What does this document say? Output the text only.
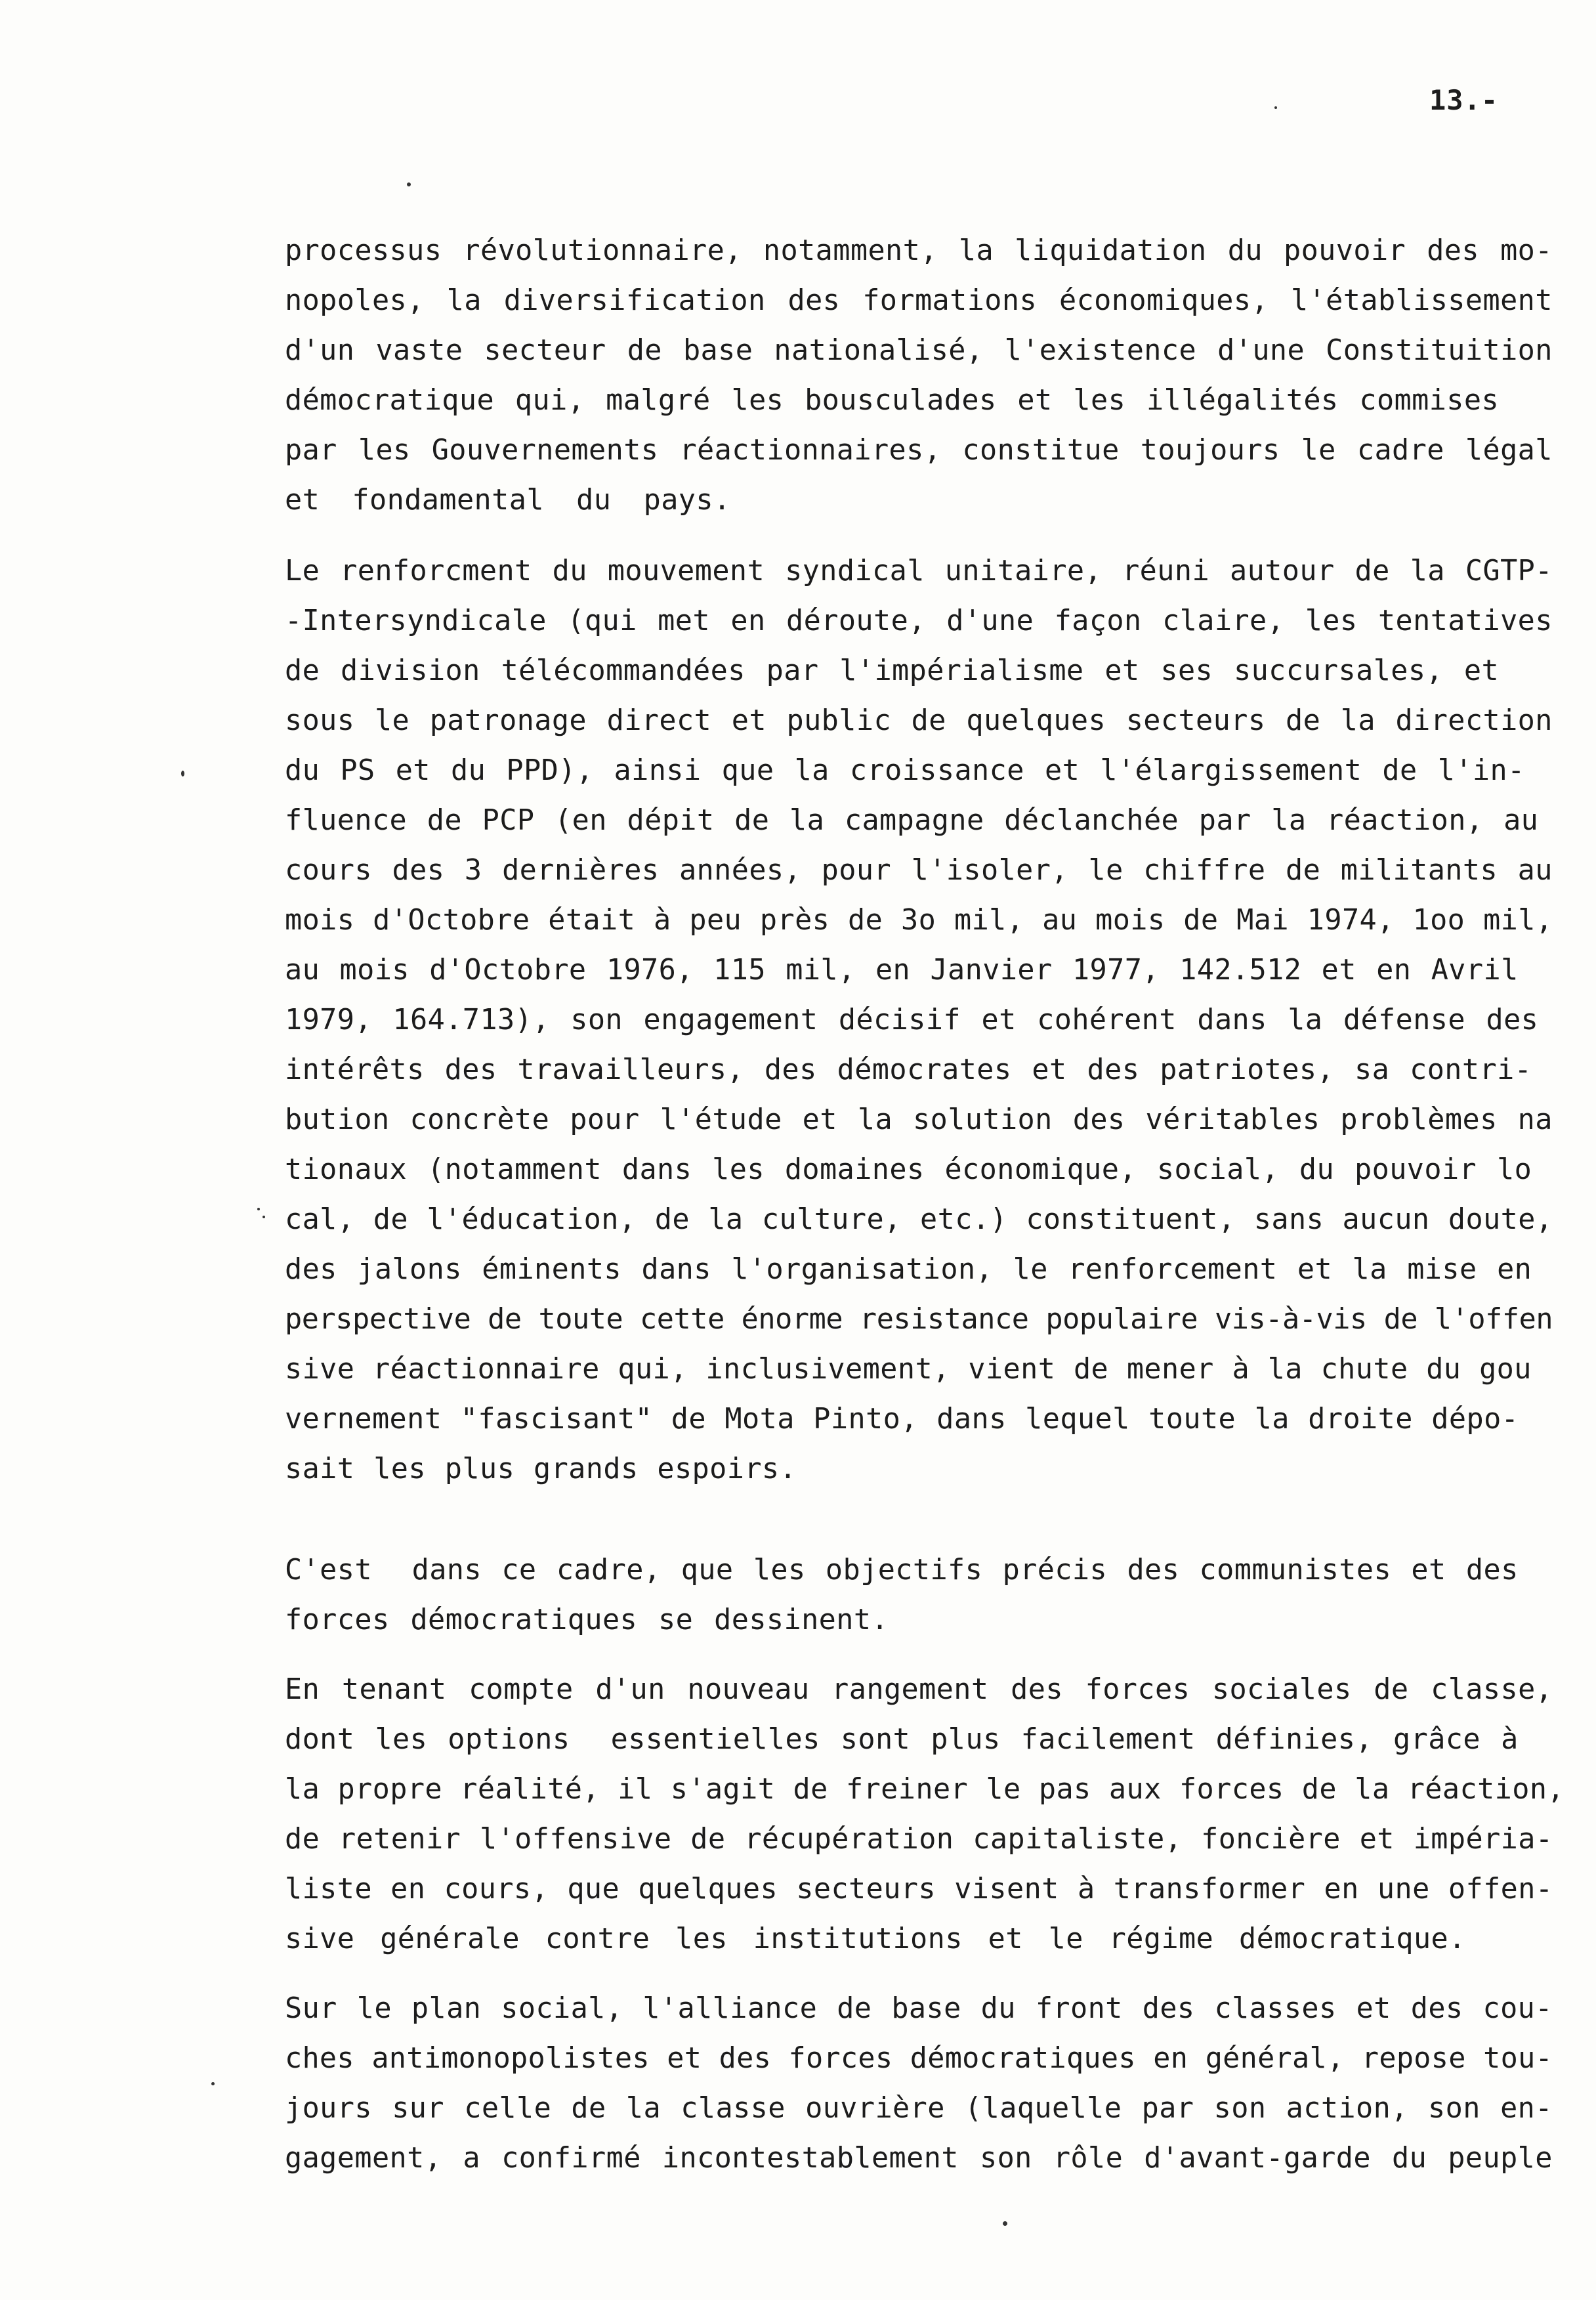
13.-
processus révolutionnaire, notamment, la liquidation du pouvoir des mo-
nopoles, la diversification des formations économiques, l'établissement
d'un vaste secteur de base nationalisé, l'existence d'une Constituition
démocratique qui, malgré les bousculades et les illégalités commises
par les Gouvernements réactionnaires, constitue toujours le cadre légal
et fondamental du pays.
Le renforcment du mouvement syndical unitaire, réuni autour de la CGTP-
-Intersyndicale (qui met en déroute, d'une façon claire, les tentatives
de division télécommandées par l'impérialisme et ses succursales, et
sous le patronage direct et public de quelques secteurs de la direction
du PS et du PPD), ainsi que la croissance et l'élargissement de l'in-
fluence de PCP (en dépit de la campagne déclanchée par la réaction, au
cours des 3 dernières années, pour l'isoler, le chiffre de militants au
mois d'Octobre était à peu près de 3o mil, au mois de Mai 1974, 1oo mil,
au mois d'Octobre 1976, 115 mil, en Janvier 1977, 142.512 et en Avril
1979, 164.713), son engagement décisif et cohérent dans la défense des
intérêts des travailleurs, des démocrates et des patriotes, sa contri-
bution concrète pour l'étude et la solution des véritables problèmes na
tionaux (notamment dans les domaines économique, social, du pouvoir lo
cal, de l'éducation, de la culture, etc.) constituent, sans aucun doute,
des jalons éminents dans l'organisation, le renforcement et la mise en
perspective de toute cette énorme resistance populaire vis-à-vis de l'offen
sive réactionnaire qui, inclusivement, vient de mener à la chute du gou
vernement "fascisant" de Mota Pinto, dans lequel toute la droite dépo-
sait les plus grands espoirs.
C'est  dans ce cadre, que les objectifs précis des communistes et des
forces démocratiques se dessinent.
En tenant compte d'un nouveau rangement des forces sociales de classe,
dont les options  essentielles sont plus facilement définies, grâce à
la propre réalité, il s'agit de freiner le pas aux forces de la réaction,
de retenir l'offensive de récupération capitaliste, foncière et impéria-
liste en cours, que quelques secteurs visent à transformer en une offen-
sive générale contre les institutions et le régime démocratique.
Sur le plan social, l'alliance de base du front des classes et des cou-
ches antimonopolistes et des forces démocratiques en général, repose tou-
jours sur celle de la classe ouvrière (laquelle par son action, son en-
gagement, a confirmé incontestablement son rôle d'avant-garde du peuple
